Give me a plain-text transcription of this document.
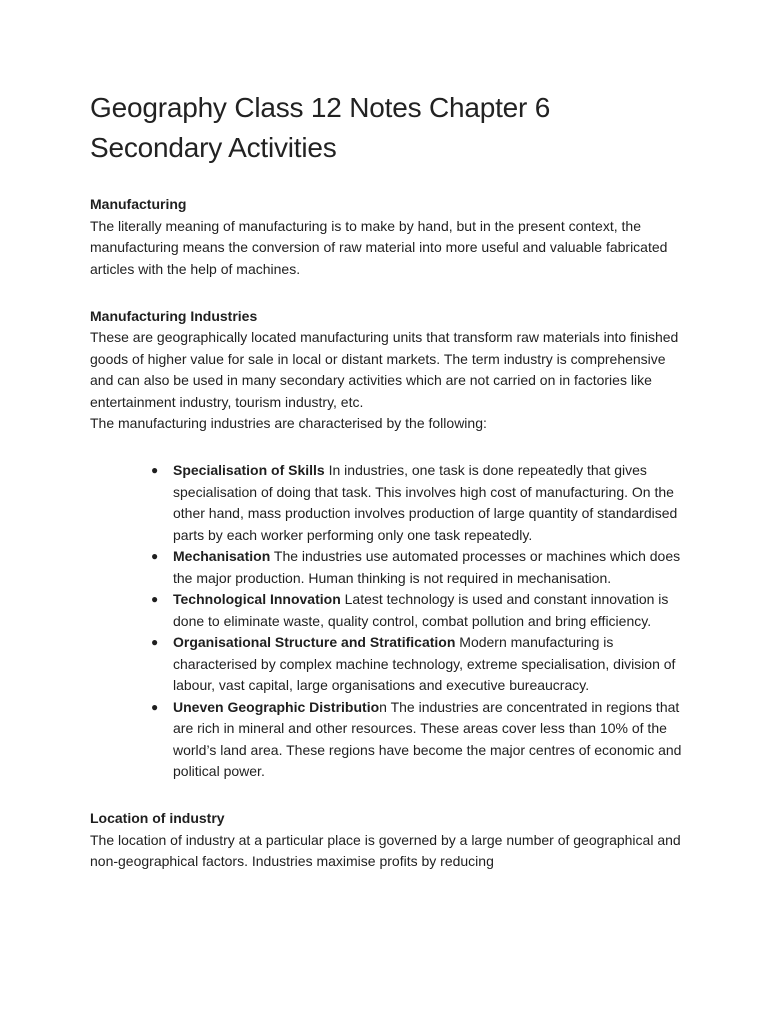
Geography Class 12 Notes Chapter 6
Secondary Activities

Manufacturing

The literally meaning of manufacturing is to make by hand, but in the present context, the manufacturing means the conversion of raw material into more useful and valuable fabricated articles with the help of machines.

Manufacturing Industries

These are geographically located manufacturing units that transform raw materials into finished goods of higher value for sale in local or distant markets. The term industry is comprehensive and can also be used in many secondary activities which are not carried on in factories like entertainment industry, tourism industry, etc.

The manufacturing industries are characterised by the following:

● Specialisation of Skills In industries, one task is done repeatedly that gives specialisation of doing that task. This involves high cost of manufacturing. On the other hand, mass production involves production of large quantity of standardised parts by each worker performing only one task repeatedly.
● Mechanisation The industries use automated processes or machines which does the major production. Human thinking is not required in mechanisation.
● Technological Innovation Latest technology is used and constant innovation is done to eliminate waste, quality control, combat pollution and bring efficiency.
● Organisational Structure and Stratification Modern manufacturing is characterised by complex machine technology, extreme specialisation, division of labour, vast capital, large organisations and executive bureaucracy.
● Uneven Geographic Distribution The industries are concentrated in regions that are rich in mineral and other resources. These areas cover less than 10% of the world’s land area. These regions have become the major centres of economic and political power.

Location of industry

The location of industry at a particular place is governed by a large number of geographical and non-geographical factors. Industries maximise profits by reducing
